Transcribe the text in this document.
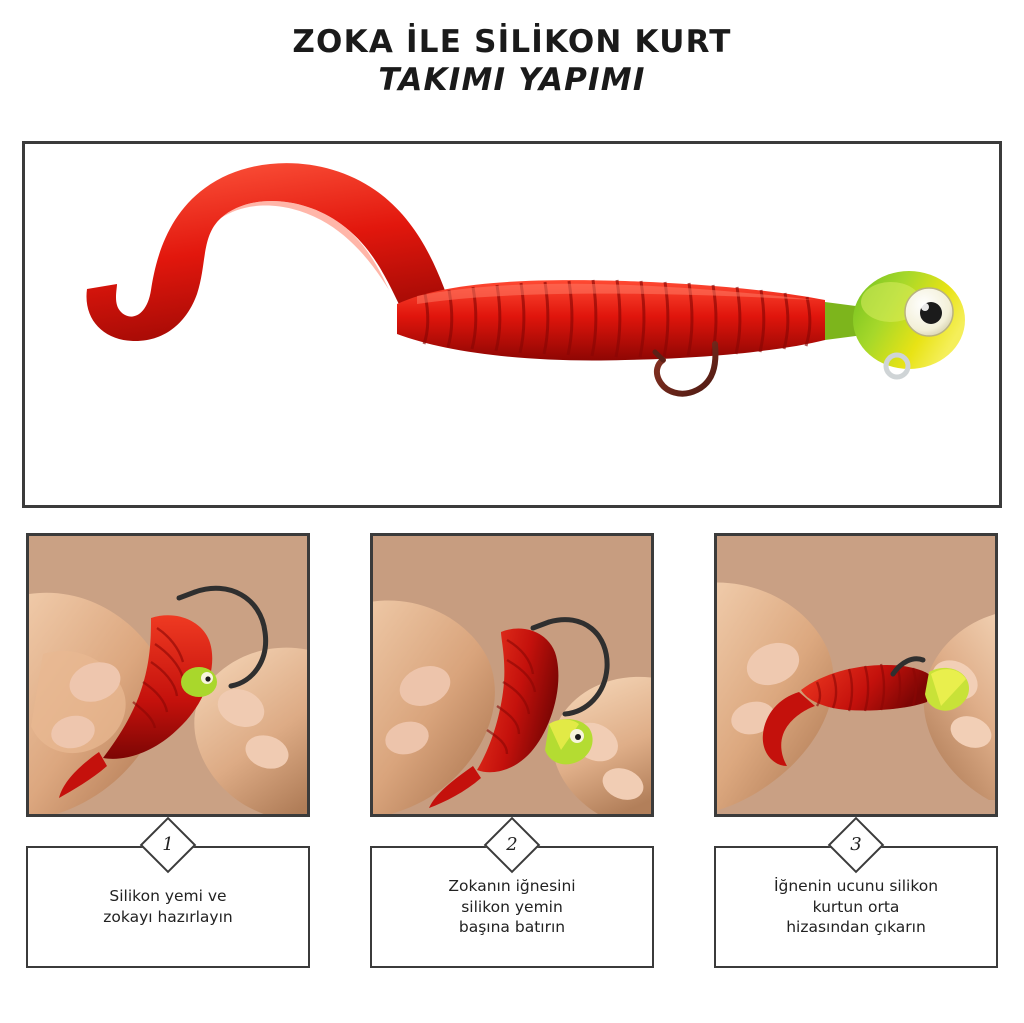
ZOKA İLE SİLİKON KURT
TAKIMI YAPIMI
Silikon yemi ve
zokayı hazırlayın
1
Zokanın iğnesini
silikon yemin
başına batırın
2
İğnenin ucunu silikon
kurtun orta
hizasından çıkarın
3
